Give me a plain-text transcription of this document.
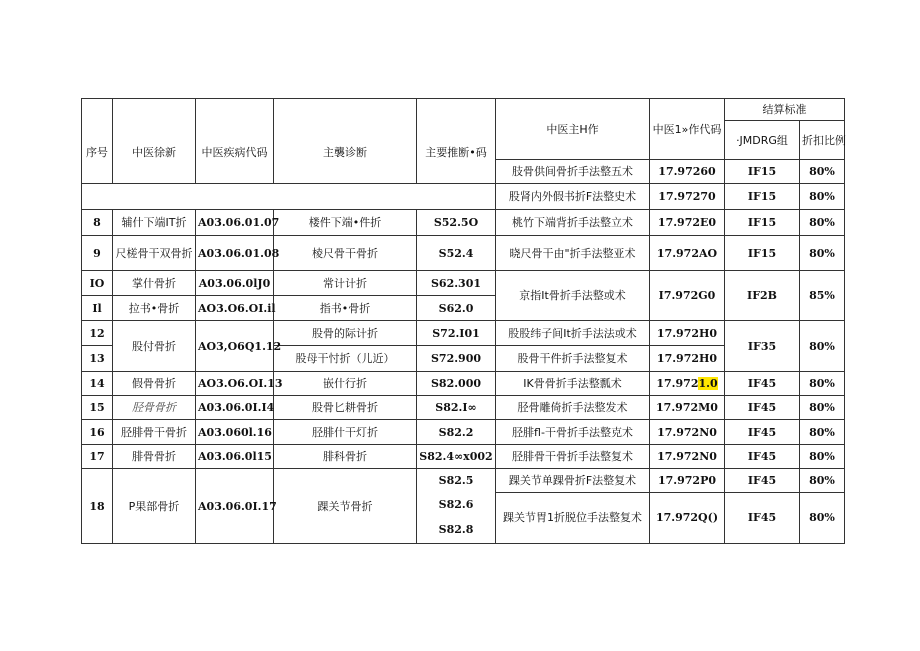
序号	中医徐新	中医疾病代码	主襲诊断	主要推断•码	中医主H作	中医1»作代码	结算标准	
							·JMDRG组	折扣比例
					肢骨供间骨折手法整五术	17.97260	IF15	80%
					股肾内外假书折F法整史术	17.97270	IF15	80%
8	辅什下端IT折	A03.06.01.07	楼件下端•件折	S52.5O	桃竹下端背折手法整立术	17.972E0	IF15	80%
9	尺槎骨干双骨折	A03.06.01.08	棱尺骨干骨折	S52.4	晓尺骨干由"折手法整亚术	17.972AO	IF15	80%
IO	掌什骨折	A03.06.0lJ0	常计计折	S62.301	京指It骨折手法整或术	I7.972G0	IF2B	85%
Il	拉书•骨折	AO3.O6.OI.il	指书•骨折	S62.0				
12	股付骨折	AO3,O6Q1.12	股骨的际计折	S72.I01	股股纬子间It折手法法或术	17.972H0	IF35	80%
13			股母干忖折（儿近）	S72.900	股骨干件折手法整复术	17.972H0		
14	假骨骨折	AO3.O6.OI.13	嵌什行折	S82.000	IK骨骨折手法整瓢术	17.9721.0	IF45	80%
15	胫骨骨折	A03.06.0I.I4	股骨匕耕骨折	S82.I∞	胫骨雕倚折手法整发术	17.972M0	IF45	80%
16	胫腓骨干骨折	A03.060l.16	胫腓什干灯折	S82.2	胫腓fl-干骨折手法整克术	17.972N0	IF45	80%
17	腓骨骨折	A03.06.0l15	腓科骨折	S82.4∞x002	胫腓骨干骨折手法整复术	17.972N0	IF45	80%
18	P果部骨折	A03.06.0I.17	踝关节骨折	S82.5	踝关节单踝骨折F法整复术	17.972P0	IF45	80%
				S82.6	踝关节胃1折脱位手法整复术	17.972Q()	IF45	80%
				S82.8				
